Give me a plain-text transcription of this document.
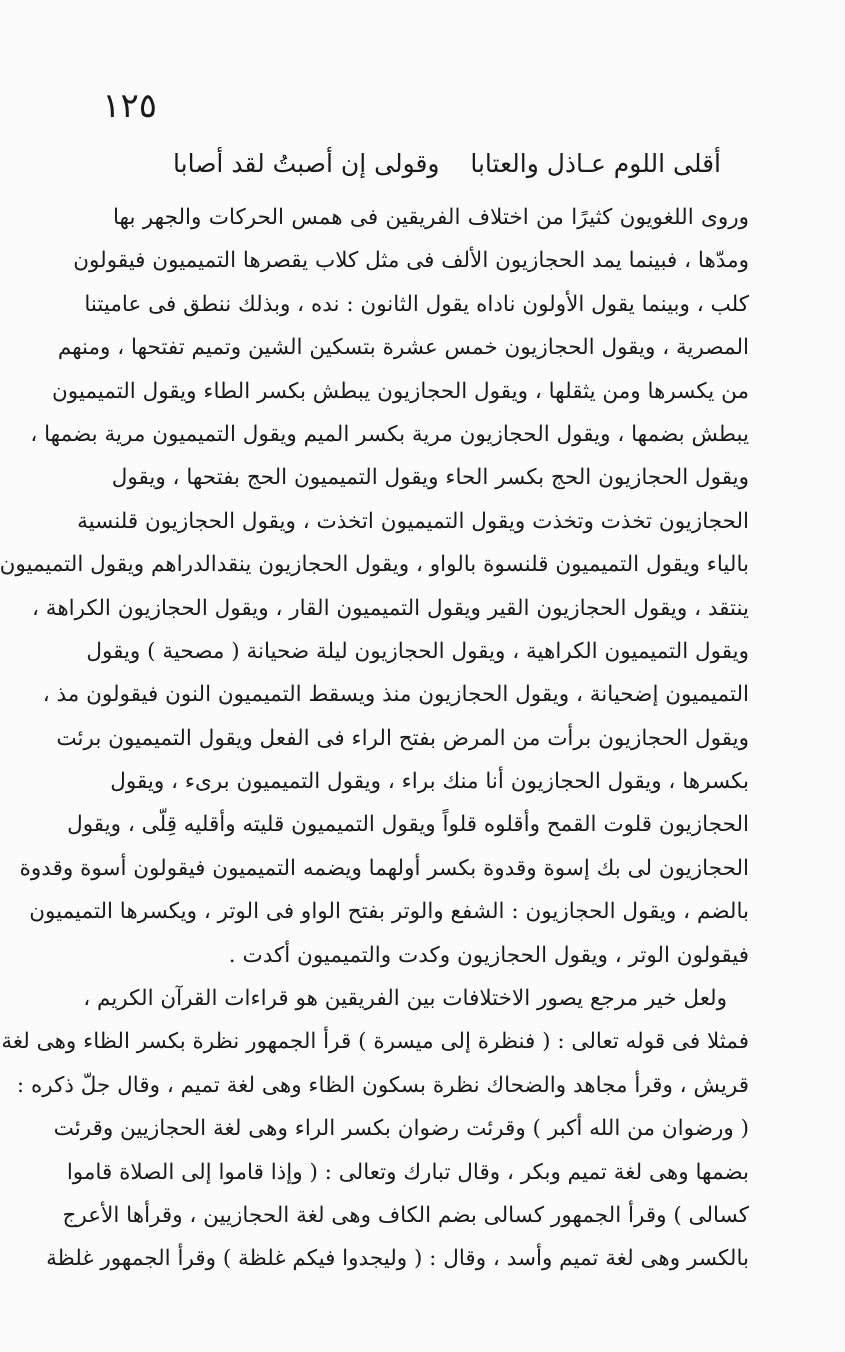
١٢٥
أقلى اللوم عـاذل والعتابا
وقولى إن أصبتُ لقد أصابا
وروى اللغويون كثيرًا من اختلاف الفريقين فى همس الحركات والجهر بها
ومدّها ، فبينما يمد الحجازيون الألف فى مثل كلاب يقصرها التميميون فيقولون
كلب ، وبينما يقول الأولون ناداه يقول الثانون : نده ، وبذلك ننطق فى عاميتنا
المصرية ، ويقول الحجازيون خمس عشرة بتسكين الشين وتميم تفتحها ، ومنهم
من يكسرها ومن يثقلها ، ويقول الحجازيون يبطش بكسر الطاء ويقول التميميون
يبطش بضمها ، ويقول الحجازيون مرية بكسر الميم ويقول التميميون مرية بضمها ،
ويقول الحجازيون الحج بكسر الحاء ويقول التميميون الحج بفتحها ، ويقول
الحجازيون تخذت وتخذت ويقول التميميون اتخذت ، ويقول الحجازيون قلنسية
بالياء ويقول التميميون قلنسوة بالواو ، ويقول الحجازيون ينقدالدراهم ويقول التميميون
ينتقد ، ويقول الحجازيون القير ويقول التميميون القار ، ويقول الحجازيون الكراهة ،
ويقول التميميون الكراهية ، ويقول الحجازيون ليلة ضحيانة ( مصحية ) ويقول
التميميون إضحيانة ، ويقول الحجازيون منذ ويسقط التميميون النون فيقولون مذ ،
ويقول الحجازيون برأت من المرض بفتح الراء فى الفعل ويقول التميميون برئت
بكسرها ، ويقول الحجازيون أنا منك براء ، ويقول التميميون برىء ، ويقول
الحجازيون قلوت القمح وأقلوه قلواً ويقول التميميون قليته وأقليه قِلّى ، ويقول
الحجازيون لى بك إسوة وقدوة بكسر أولهما ويضمه التميميون فيقولون أسوة وقدوة
بالضم ، ويقول الحجازيون : الشفع والوتر بفتح الواو فى الوتر ، ويكسرها التميميون
فيقولون الوتر ، ويقول الحجازيون وكدت والتميميون أكدت .
ولعل خير مرجع يصور الاختلافات بين الفريقين هو قراءات القرآن الكريم ،
فمثلا فى قوله تعالى : ( فنظرة إلى ميسرة ) قرأ الجمهور نظرة بكسر الظاء وهى لغة
قريش ، وقرأ مجاهد والضحاك نظرة بسكون الظاء وهى لغة تميم ، وقال جلّ ذكره :
( ورضوان من الله أكبر ) وقرئت رضوان بكسر الراء وهى لغة الحجازيين وقرئت
بضمها وهى لغة تميم وبكر ، وقال تبارك وتعالى : ( وإذا قاموا إلى الصلاة قاموا
كسالى ) وقرأ الجمهور كسالى بضم الكاف وهى لغة الحجازيين ، وقرأها الأعرج
بالكسر وهى لغة تميم وأسد ، وقال : ( وليجدوا فيكم غلظة ) وقرأ الجمهور غلظة
